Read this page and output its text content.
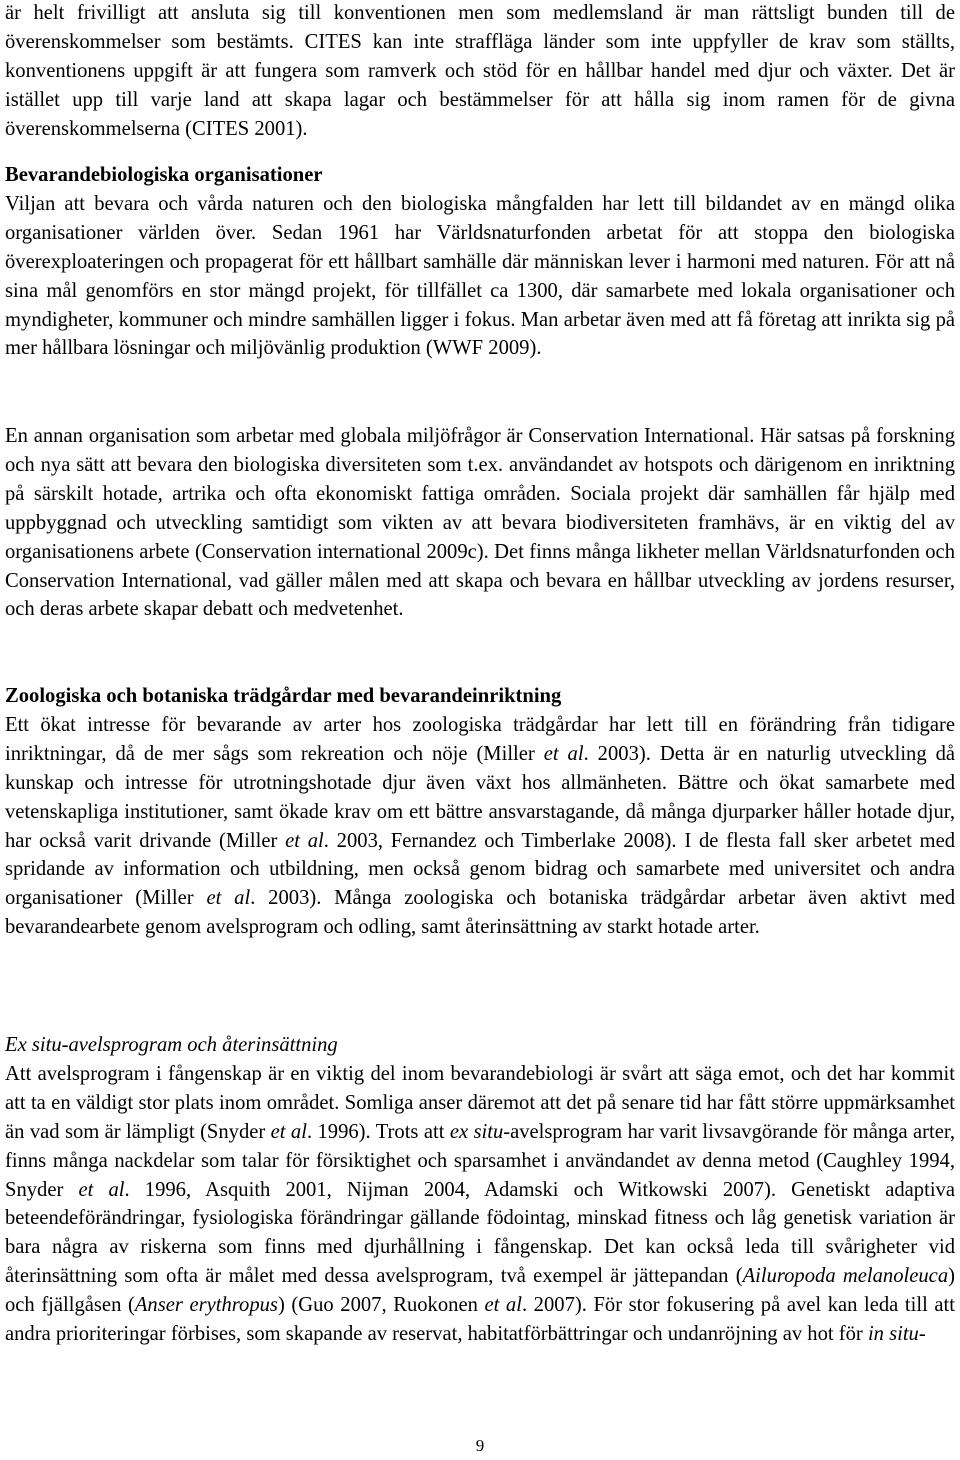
är helt frivilligt att ansluta sig till konventionen men som medlemsland är man rättsligt bunden till de överenskommelser som bestämts. CITES kan inte straffläga länder som inte uppfyller de krav som ställts, konventionens uppgift är att fungera som ramverk och stöd för en hållbar handel med djur och växter. Det är istället upp till varje land att skapa lagar och bestämmelser för att hålla sig inom ramen för de givna överenskommelserna (CITES 2001).

Bevarandebiologiska organisationer
Viljan att bevara och vårda naturen och den biologiska mångfalden har lett till bildandet av en mängd olika organisationer världen över. Sedan 1961 har Världsnaturfonden arbetat för att stoppa den biologiska överexploateringen och propagerat för ett hållbart samhälle där människan lever i harmoni med naturen. För att nå sina mål genomförs en stor mängd projekt, för tillfället ca 1300, där samarbete med lokala organisationer och myndigheter, kommuner och mindre samhällen ligger i fokus. Man arbetar även med att få företag att inrikta sig på mer hållbara lösningar och miljövänlig produktion (WWF 2009).

En annan organisation som arbetar med globala miljöfrågor är Conservation International. Här satsas på forskning och nya sätt att bevara den biologiska diversiteten som t.ex. användandet av hotspots och därigenom en inriktning på särskilt hotade, artrika och ofta ekonomiskt fattiga områden. Sociala projekt där samhällen får hjälp med uppbyggnad och utveckling samtidigt som vikten av att bevara biodiversiteten framhävs, är en viktig del av organisationens arbete (Conservation international 2009c). Det finns många likheter mellan Världsnaturfonden och Conservation International, vad gäller målen med att skapa och bevara en hållbar utveckling av jordens resurser, och deras arbete skapar debatt och medvetenhet.

Zoologiska och botaniska trädgårdar med bevarandeinriktning
Ett ökat intresse för bevarande av arter hos zoologiska trädgårdar har lett till en förändring från tidigare inriktningar, då de mer sågs som rekreation och nöje (Miller et al. 2003). Detta är en naturlig utveckling då kunskap och intresse för utrotningshotade djur även växt hos allmänheten. Bättre och ökat samarbete med vetenskapliga institutioner, samt ökade krav om ett bättre ansvarstagande, då många djurparker håller hotade djur, har också varit drivande (Miller et al. 2003, Fernandez och Timberlake 2008). I de flesta fall sker arbetet med spridande av information och utbildning, men också genom bidrag och samarbete med universitet och andra organisationer (Miller et al. 2003). Många zoologiska och botaniska trädgårdar arbetar även aktivt med bevarandearbete genom avelsprogram och odling, samt återinsättning av starkt hotade arter.
Ex situ-avelsprogram och återinsättning
Att avelsprogram i fångenskap är en viktig del inom bevarandebiologi är svårt att säga emot, och det har kommit att ta en väldigt stor plats inom området. Somliga anser däremot att det på senare tid har fått större uppmärksamhet än vad som är lämpligt (Snyder et al. 1996). Trots att ex situ-avelsprogram har varit livsavgörande för många arter, finns många nackdelar som talar för försiktighet och sparsamhet i användandet av denna metod (Caughley 1994, Snyder et al. 1996, Asquith 2001, Nijman 2004, Adamski och Witkowski 2007). Genetiskt adaptiva beteendeförändringar, fysiologiska förändringar gällande födointag, minskad fitness och låg genetisk variation är bara några av riskerna som finns med djurhållning i fångenskap. Det kan också leda till svårigheter vid återinsättning som ofta är målet med dessa avelsprogram, två exempel är jättepandan (Ailuropoda melanoleuca) och fjällgåsen (Anser erythropus) (Guo 2007, Ruokonen et al. 2007). För stor fokusering på avel kan leda till att andra prioriteringar förbises, som skapande av reservat, habitatförbättringar och undanröjning av hot för in situ-
9
